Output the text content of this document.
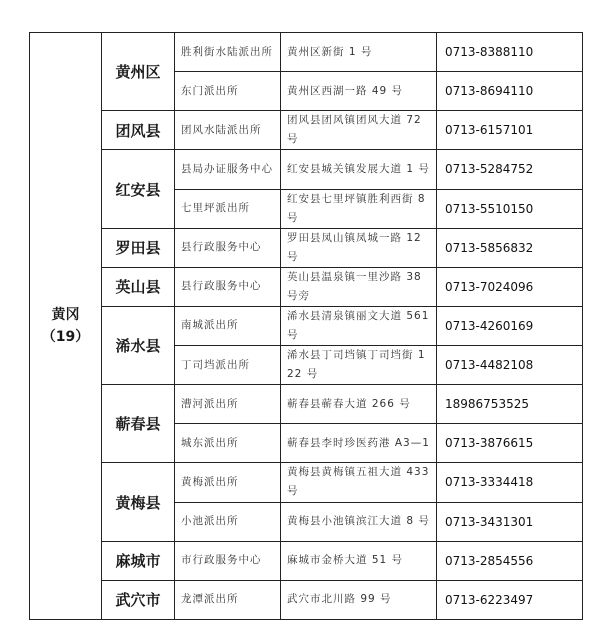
黄冈
（19）	黄州区	胜利街水陆派出所	黄州区新街 1 号	0713-8388110
		东门派出所	黄州区西湖一路 49 号	0713-8694110
	团风县	团风水陆派出所	团风县团风镇团风大道 72 号	0713-6157101
	红安县	县局办证服务中心	红安县城关镇发展大道 1 号	0713-5284752
		七里坪派出所	红安县七里坪镇胜利西街 8 号	0713-5510150
	罗田县	县行政服务中心	罗田县凤山镇凤城一路 12 号	0713-5856832
	英山县	县行政服务中心	英山县温泉镇一里沙路 38 号旁	0713-7024096
	浠水县	南城派出所	浠水县清泉镇丽文大道 561 号	0713-4260169
		丁司垱派出所	浠水县丁司垱镇丁司垱街 122 号	0713-4482108
	蕲春县	漕河派出所	蕲春县蕲春大道 266 号	18986753525
		城东派出所	蕲春县李时珍医药港 A3—1	0713-3876615
	黄梅县	黄梅派出所	黄梅县黄梅镇五祖大道 433 号	0713-3334418
		小池派出所	黄梅县小池镇滨江大道 8 号	0713-3431301
	麻城市	市行政服务中心	麻城市金桥大道 51 号	0713-2854556
	武穴市	龙潭派出所	武穴市北川路 99 号	0713-6223497
